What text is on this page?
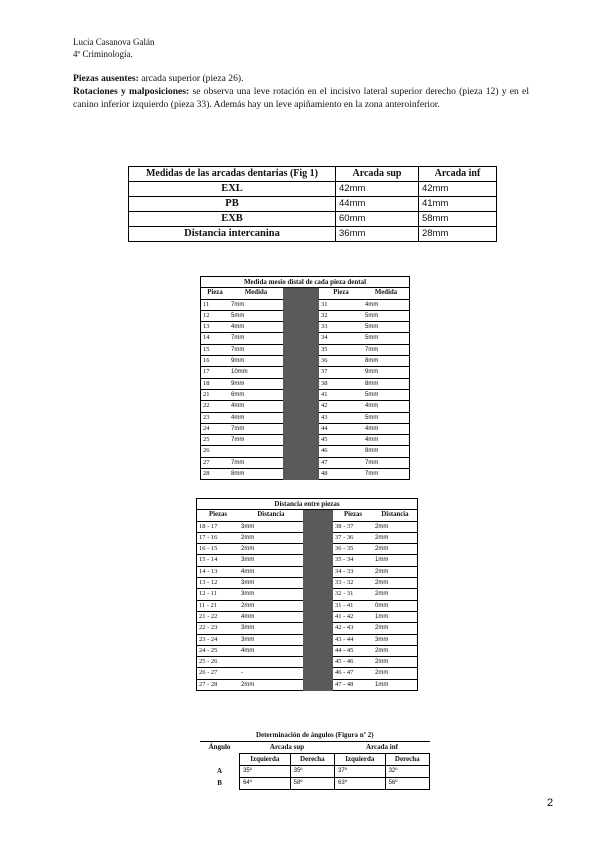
Lucía Casanova Galán
4º Criminología.
Piezas ausentes: arcada superior (pieza 26).
Rotaciones y malposiciones: se observa una leve rotación en el incisivo lateral superior derecho (pieza 12) y en el canino inferior izquierdo (pieza 33). Además hay un leve apiñamiento en la zona anteroinferior.
Medidas de las arcadas dentarias (Fig 1)	Arcada sup	Arcada inf
EXL	42mm	42mm
PB	44mm	41mm
EXB	60mm	58mm
Distancia intercanina	36mm	28mm
Medida mesio distal de cada pieza dental				
Pieza	Medida		Pieza	Medida
11	7mm		31	4mm
12	5mm		32	5mm
13	4mm		33	5mm
14	7mm		34	5mm
15	7mm		35	7mm
16	9mm		36	8mm
17	10mm		37	9mm
18	9mm		38	8mm
21	6mm		41	5mm
22	4mm		42	4mm
23	4mm		43	5mm
24	7mm		44	4mm
25	7mm		45	4mm
26			46	8mm
27	7mm		47	7mm
28	8mm		48	7mm
Distancia entre piezas				
Piezas	Distancia		Piezas	Distancia
18 - 17	3mm		38 - 37	2mm
17 - 16	2mm		37 - 36	2mm
16 - 15	2mm		36 - 35	2mm
15 - 14	3mm		35 - 34	1mm
14 - 13	4mm		34 - 33	2mm
13 - 12	3mm		33 - 32	2mm
12 - 11	3mm		32 - 31	2mm
11 - 21	2mm		31 - 41	0mm
21 - 22	4mm		41 - 42	1mm
22 - 23	3mm		42 - 43	2mm
23 - 24	3mm		43 - 44	3mm
24 - 25	4mm		44 - 45	2mm
25 - 26			45 - 46	2mm
26 - 27	-		46 - 47	2mm
27 - 28	2mm		47 - 48	1mm
Determinación de ángulos (Figura nº 2)				
Ángulo	Arcada sup		Arcada inf	
	Izquierda	Derecha	Izquierda	Derecha
A	35º	35º	37º	32º
B	64º	58º	63º	56º
2
